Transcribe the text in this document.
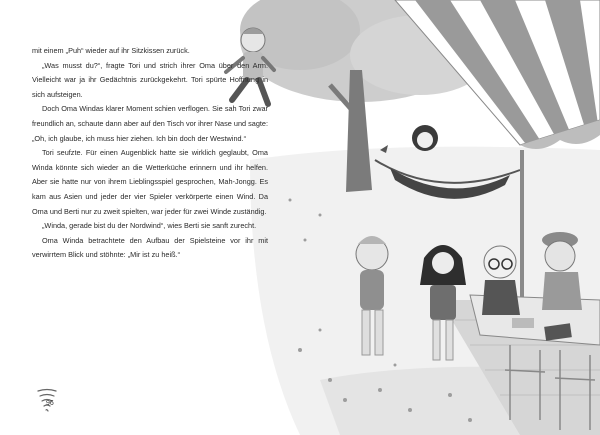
mit einem „Puh“ wieder auf ihr Sitzkissen zurück.

„Was musst du?“, fragte Tori und strich ihrer Oma über den Arm. Vielleicht war ja ihr Gedächtnis zurückgekehrt. Tori spürte Hoffnung in sich aufsteigen.

Doch Oma Windas klarer Moment schien verflogen. Sie sah Tori zwar freundlich an, schaute dann aber auf den Tisch vor ihrer Nase und sagte: „Oh, ich glaube, ich muss hier ziehen. Ich bin doch der Westwind.“

Tori seufzte. Für einen Augenblick hatte sie wirklich geglaubt, Oma Winda könnte sich wieder an die Wetterküche erinnern und ihr helfen. Aber sie hatte nur von ihrem Lieblingsspiel gesprochen, Mah-Jongg. Es kam aus Asien und jeder der vier Spieler verkörperte einen Wind. Da Oma und Berti nur zu zweit spielten, war jeder für zwei Winde zuständig.

„Winda, gerade bist du der Nordwind“, wies Berti sie sanft zurecht.

Oma Winda betrachtete den Aufbau der Spielsteine vor ihr mit verwirrtem Blick und stöhnte: „Mir ist zu heiß.“

96
